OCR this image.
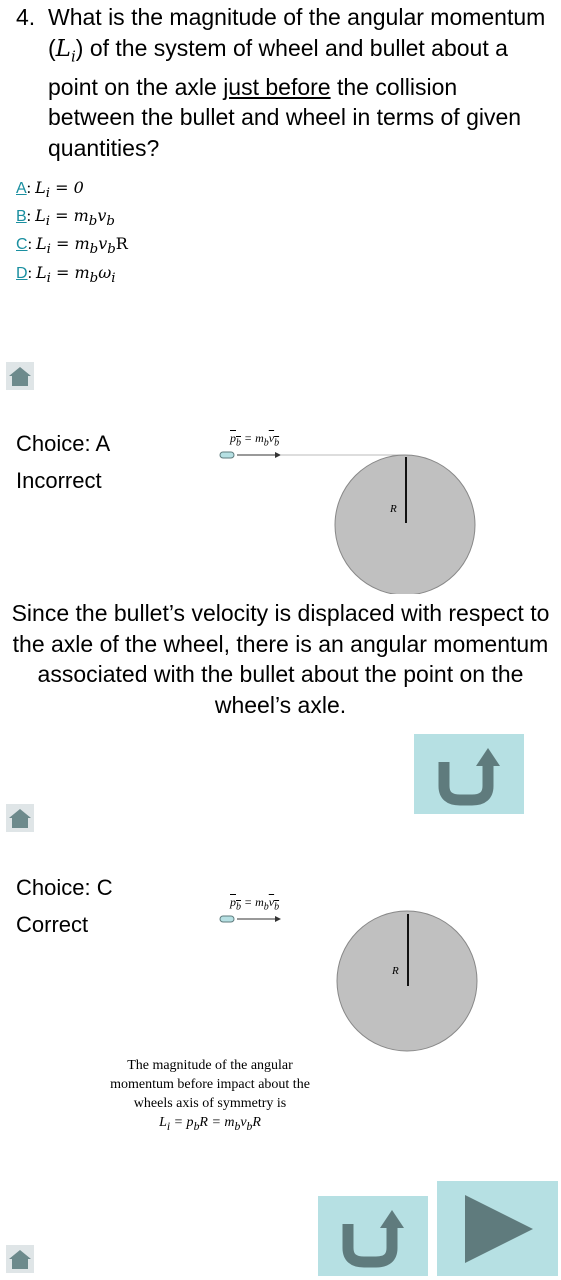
4. What is the magnitude of the angular momentum $(L_i)$ of the system of wheel and bullet about a point on the axle just before the collision between the bullet and wheel in terms of given quantities?
A: $L_i = 0$
B: $L_i = m_bv_b$
C: $L_i = m_bv_bR$
D: $L_i = m_b\omega_i$
Choice: A
Incorrect
$p_b = m_bv_b$
R
Since the bullet’s velocity is displaced with respect to the axle of the wheel, there is an angular momentum associated with the bullet about the point on the wheel’s axle.
Choice: C
Correct
$p_b = m_bv_b$
R
The magnitude of the angular
momentum before impact about the
wheels axis of symmetry is
$L_i = p_bR = m_bv_bR$
